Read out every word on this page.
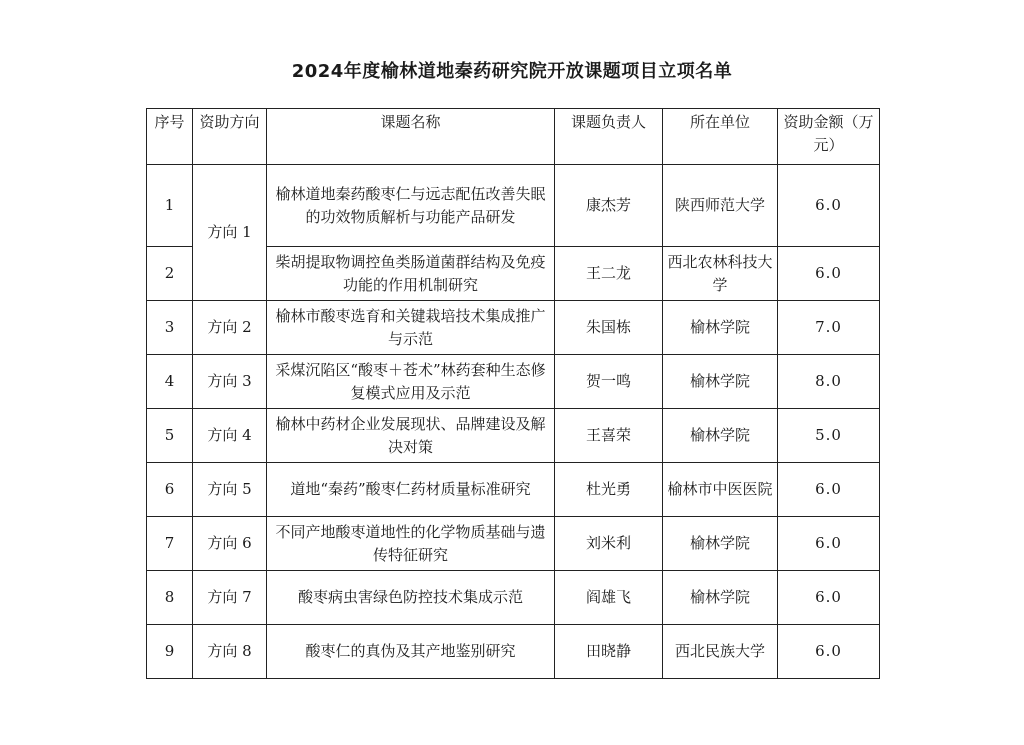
2024年度榆林道地秦药研究院开放课题项目立项名单
序号	资助方向	课题名称	课题负责人	所在单位	资助金额（万元）
1	方向 1	榆林道地秦药酸枣仁与远志配伍改善失眠的功效物质解析与功能产品研发	康杰芳	陕西师范大学	6.0
2		柴胡提取物调控鱼类肠道菌群结构及免疫功能的作用机制研究	王二龙	西北农林科技大学	6.0
3	方向 2	榆林市酸枣选育和关键栽培技术集成推广与示范	朱国栋	榆林学院	7.0
4	方向 3	采煤沉陷区“酸枣＋苍术”林药套种生态修复模式应用及示范	贺一鸣	榆林学院	8.0
5	方向 4	榆林中药材企业发展现状、品牌建设及解决对策	王喜荣	榆林学院	5.0
6	方向 5	道地“秦药”酸枣仁药材质量标准研究	杜光勇	榆林市中医医院	6.0
7	方向 6	不同产地酸枣道地性的化学物质基础与遗传特征研究	刘米利	榆林学院	6.0
8	方向 7	酸枣病虫害绿色防控技术集成示范	阎雄飞	榆林学院	6.0
9	方向 8	酸枣仁的真伪及其产地鉴别研究	田晓静	西北民族大学	6.0
